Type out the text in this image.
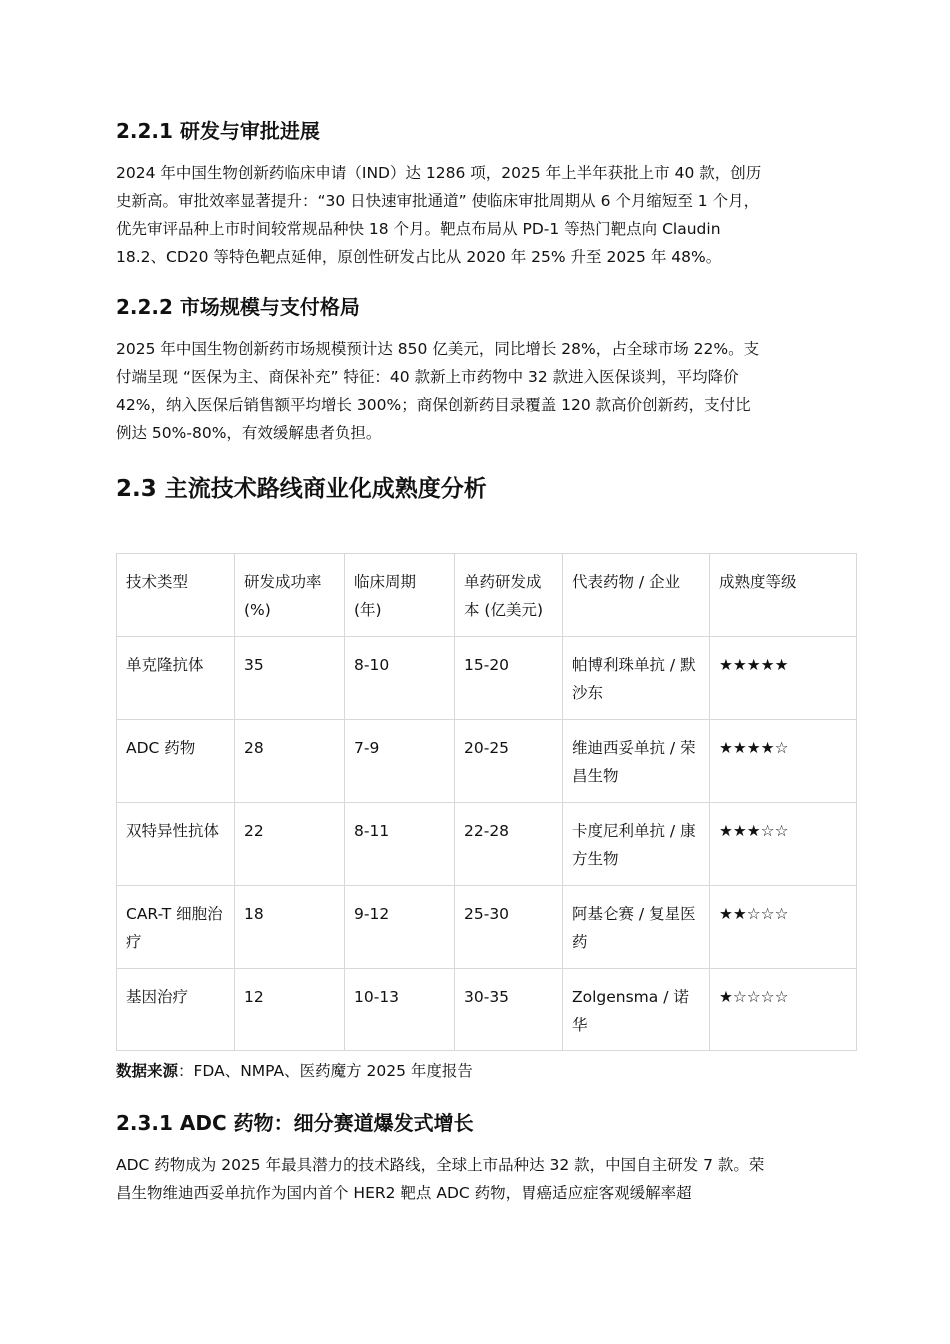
2.2.1 研发与审批进展

2024 年中国生物创新药临床申请（IND）达 1286 项，2025 年上半年获批上市 40 款，创历
史新高。审批效率显著提升：“30 日快速审批通道” 使临床审批周期从 6 个月缩短至 1 个月，
优先审评品种上市时间较常规品种快 18 个月。靶点布局从 PD-1 等热门靶点向 Claudin
18.2、CD20 等特色靶点延伸，原创性研发占比从 2020 年 25% 升至 2025 年 48%。

2.2.2 市场规模与支付格局

2025 年中国生物创新药市场规模预计达 850 亿美元，同比增长 28%，占全球市场 22%。支
付端呈现 “医保为主、商保补充” 特征：40 款新上市药物中 32 款进入医保谈判，平均降价
42%，纳入医保后销售额平均增长 300%；商保创新药目录覆盖 120 款高价创新药，支付比
例达 50%-80%，有效缓解患者负担。

2.3 主流技术路线商业化成熟度分析
技术类型	研发成功率 (%)	临床周期 (年)	单药研发成本 (亿美元)	代表药物 / 企业	成熟度等级
单克隆抗体	35	8-10	15-20	帕博利珠单抗 / 默沙东	★★★★★
ADC 药物	28	7-9	20-25	维迪西妥单抗 / 荣昌生物	★★★★☆
双特异性抗体	22	8-11	22-28	卡度尼利单抗 / 康方生物	★★★☆☆
CAR-T 细胞治疗	18	9-12	25-30	阿基仑赛 / 复星医药	★★☆☆☆
基因治疗	12	10-13	30-35	Zolgensma / 诺华	★☆☆☆☆
数据来源：FDA、NMPA、医药魔方 2025 年度报告
2.3.1 ADC 药物：细分赛道爆发式增长

ADC 药物成为 2025 年最具潜力的技术路线，全球上市品种达 32 款，中国自主研发 7 款。荣
昌生物维迪西妥单抗作为国内首个 HER2 靶点 ADC 药物，胃癌适应症客观缓解率超
